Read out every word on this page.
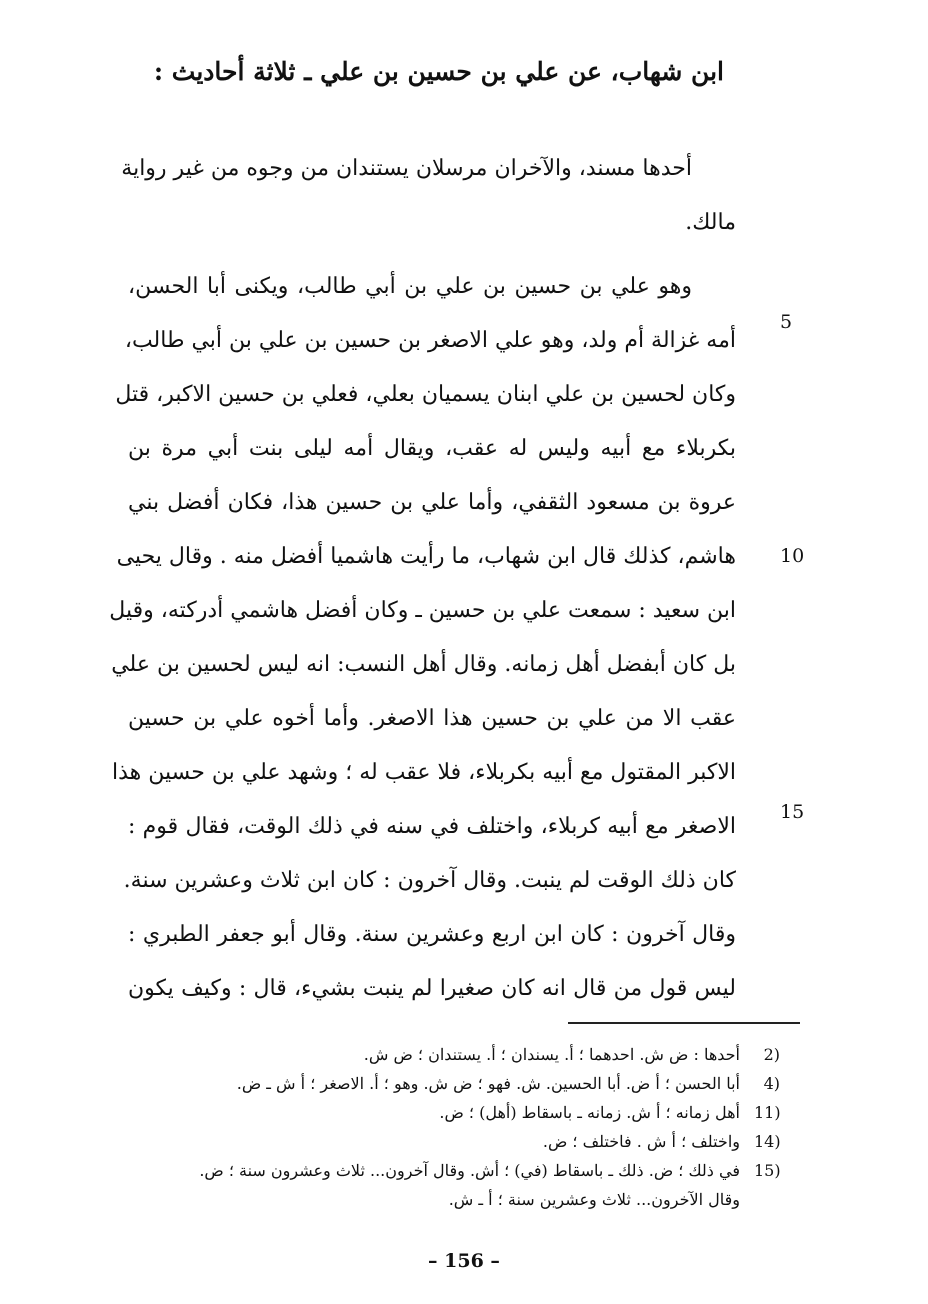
ابن شهاب، عن علي بن حسين بن علي ـ ثلاثة أحاديث :
5
10
15
أحدها مسند، والآخران مرسلان يستندان من وجوه من غير رواية
مالك.
وهو علي بن حسين بن علي بن أبي طالب، ويكنى أبا الحسن،
أمه غزالة أم ولد، وهو علي الاصغر بن حسين بن علي بن أبي طالب،
وكان لحسين بن علي ابنان يسميان بعلي، فعلي بن حسين الاكبر، قتل
بكربلاء مع أبيه وليس له عقب، ويقال أمه ليلى بنت أبي مرة بن
عروة بن مسعود الثقفي، وأما علي بن حسين هذا، فكان أفضل بني
هاشم، كذلك قال ابن شهاب، ما رأيت هاشميا أفضل منه . وقال يحيى
ابن سعيد : سمعت علي بن حسين ـ وكان أفضل هاشمي أدركته، وقيل
بل كان أبفضل أهل زمانه. وقال أهل النسب: انه ليس لحسين بن علي
عقب الا من علي بن حسين هذا الاصغر. وأما أخوه علي بن حسين
الاكبر المقتول مع أبيه بكربلاء، فلا عقب له ؛ وشهد علي بن حسين هذا
الاصغر مع أبيه كربلاء، واختلف في سنه في ذلك الوقت، فقال قوم :
كان ذلك الوقت لم ينبت. وقال آخرون : كان ابن ثلاث وعشرين سنة.
وقال آخرون : كان ابن اربع وعشرين سنة. وقال أبو جعفر الطبري :
ليس قول من قال انه كان صغيرا لم ينبت بشيء، قال : وكيف يكون
2)
أحدها : ض ش. احدهما ؛ أ. يسندان ؛ أ. يستندان ؛ ض ش.
4)
أبا الحسن ؛ أ ض. أبا الحسين. ش. فهو ؛ ض ش. وهو ؛ أ. الاصغر ؛ أ ش ـ ض.
11)
أهل زمانه ؛ أ ش. زمانه ـ باسقاط (أهل) ؛ ض.
14)
واختلف ؛ أ ش . فاختلف ؛ ض.
15)
في ذلك ؛ ض. ذلك ـ باسقاط (في) ؛ أش. وقال آخرون... ثلاث وعشرون سنة ؛ ض.
وقال الآخرون... ثلاث وعشرين سنة ؛ أ ـ ش.
– 156 –
